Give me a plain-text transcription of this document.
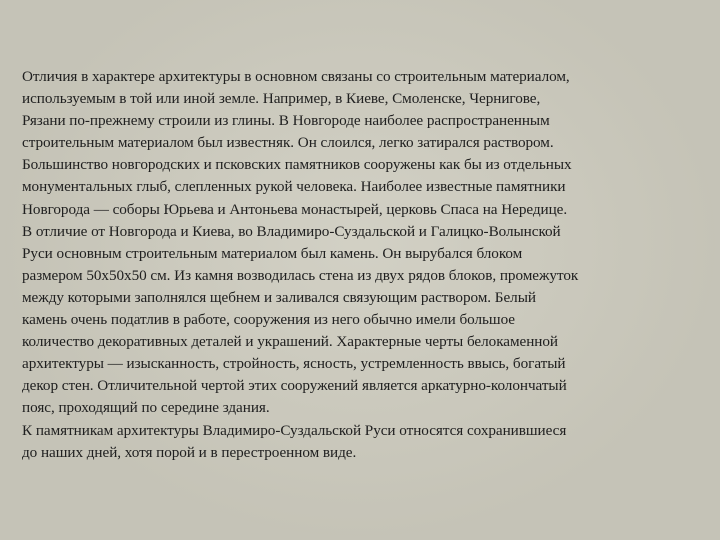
Отличия в характере архитектуры в основном связаны со строительным материалом,
используемым в той или иной земле. Например, в Киеве, Смоленске, Чернигове,
Рязани по-прежнему строили из глины. В Новгороде наиболее распространенным
строительным материалом был известняк. Он слоился, легко затирался раствором.
Большинство новгородских и псковских памятников сооружены как бы из отдельных
монументальных глыб, слепленных рукой человека. Наиболее известные памятники
Новгорода — соборы Юрьева и Антоньева монастырей, церковь Спаса на Нередице.
В отличие от Новгорода и Киева, во Владимиро-Суздальской и Галицко-Волынской
Руси основным строительным материалом был камень. Он вырубался блоком
размером 50х50х50 см. Из камня возводилась стена из двух рядов блоков, промежуток
между которыми заполнялся щебнем и заливался связующим раствором. Белый
камень очень податлив в работе, сооружения из него обычно имели большое
количество декоративных деталей и украшений. Характерные черты белокаменной
архитектуры — изысканность, стройность, ясность, устремленность ввысь, богатый
декор стен. Отличительной чертой этих сооружений является аркатурно-колончатый
пояс, проходящий по середине здания.
К памятникам архитектуры Владимиро-Суздальской Руси относятся сохранившиеся
до наших дней, хотя порой и в перестроенном виде.
